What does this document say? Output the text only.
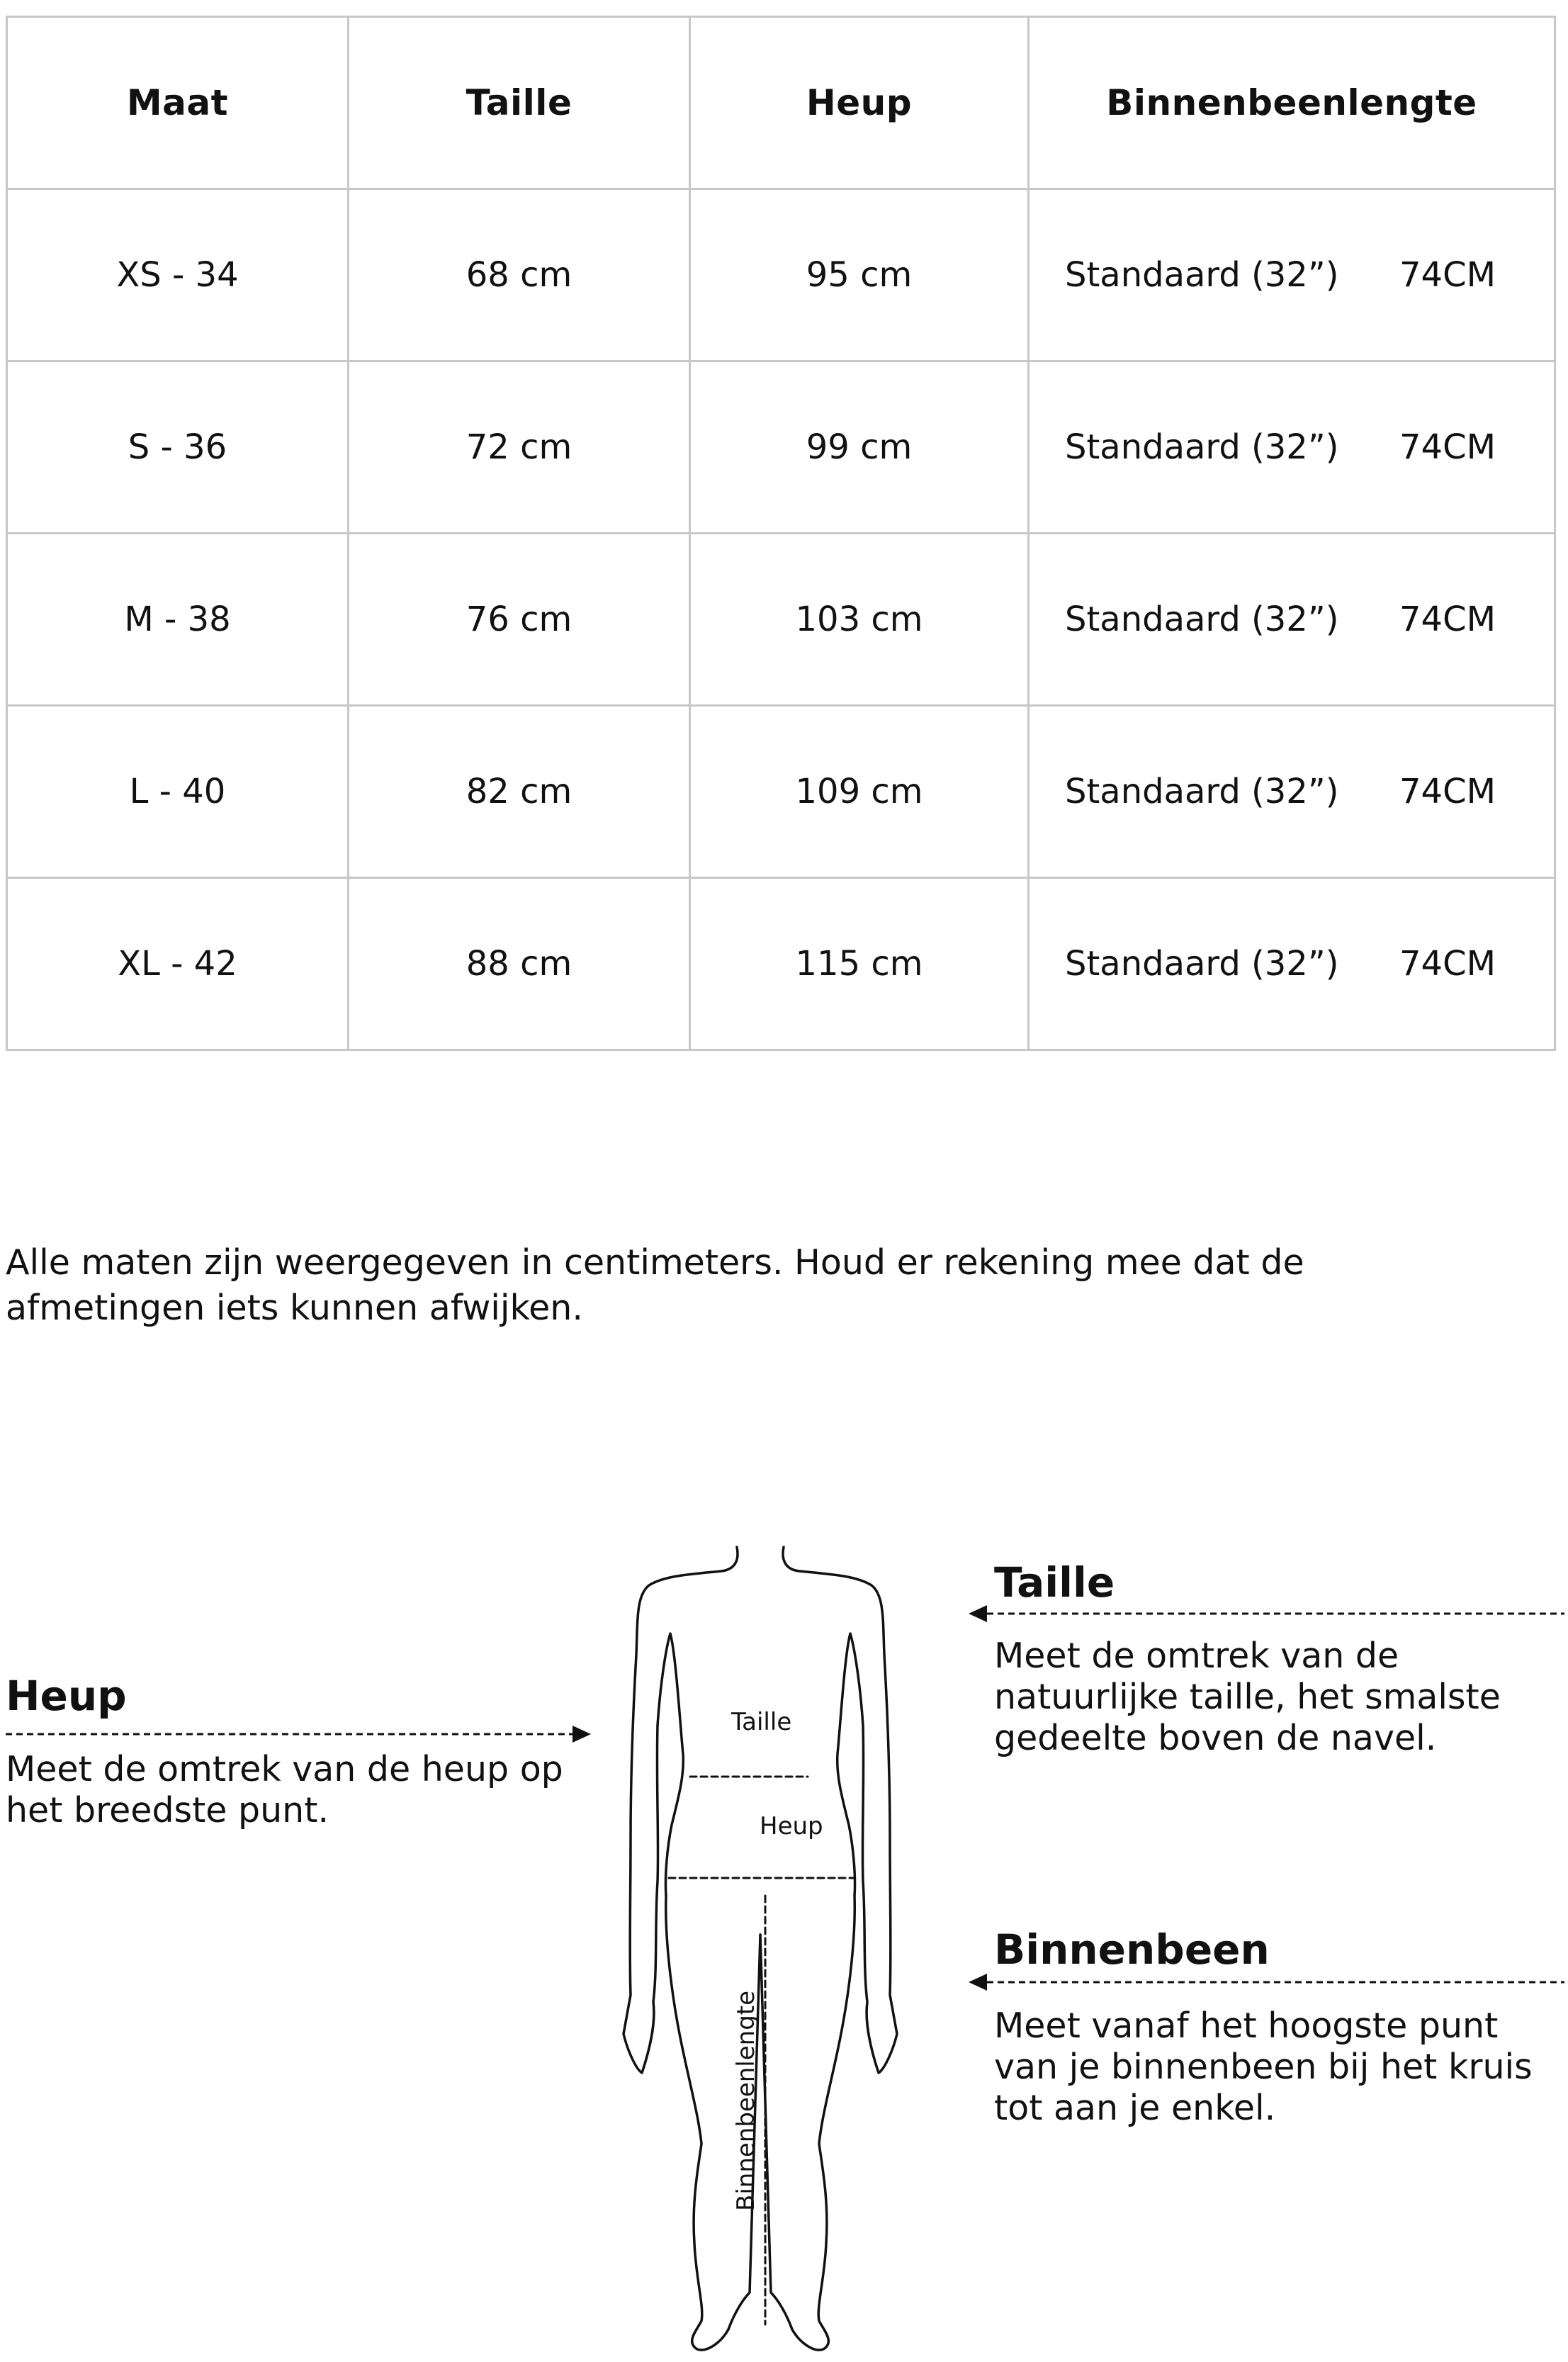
Maat	Taille	Heup	Binnenbeenlengte
XS - 34	68 cm	95 cm	Standaard (32”) 74CM

S - 36	72 cm	99 cm	Standaard (32”) 74CM

M - 38	76 cm	103 cm	Standaard (32”) 74CM

L - 40	82 cm	109 cm	Standaard (32”) 74CM

XL - 42	88 cm	115 cm	Standaard (32”) 74CM

Alle maten zijn weergegeven in centimeters. Houd er rekening mee dat de afmetingen iets kunnen afwijken.

Heup

Meet de omtrek van de heup op het breedste punt.

Taille

Meet de omtrek van de natuurlijke taille, het smalste gedeelte boven de navel.

Binnenbeen

Meet vanaf het hoogste punt van je binnenbeen bij het kruis tot aan je enkel.

Taille
Heup
Binnenbeenlengte
